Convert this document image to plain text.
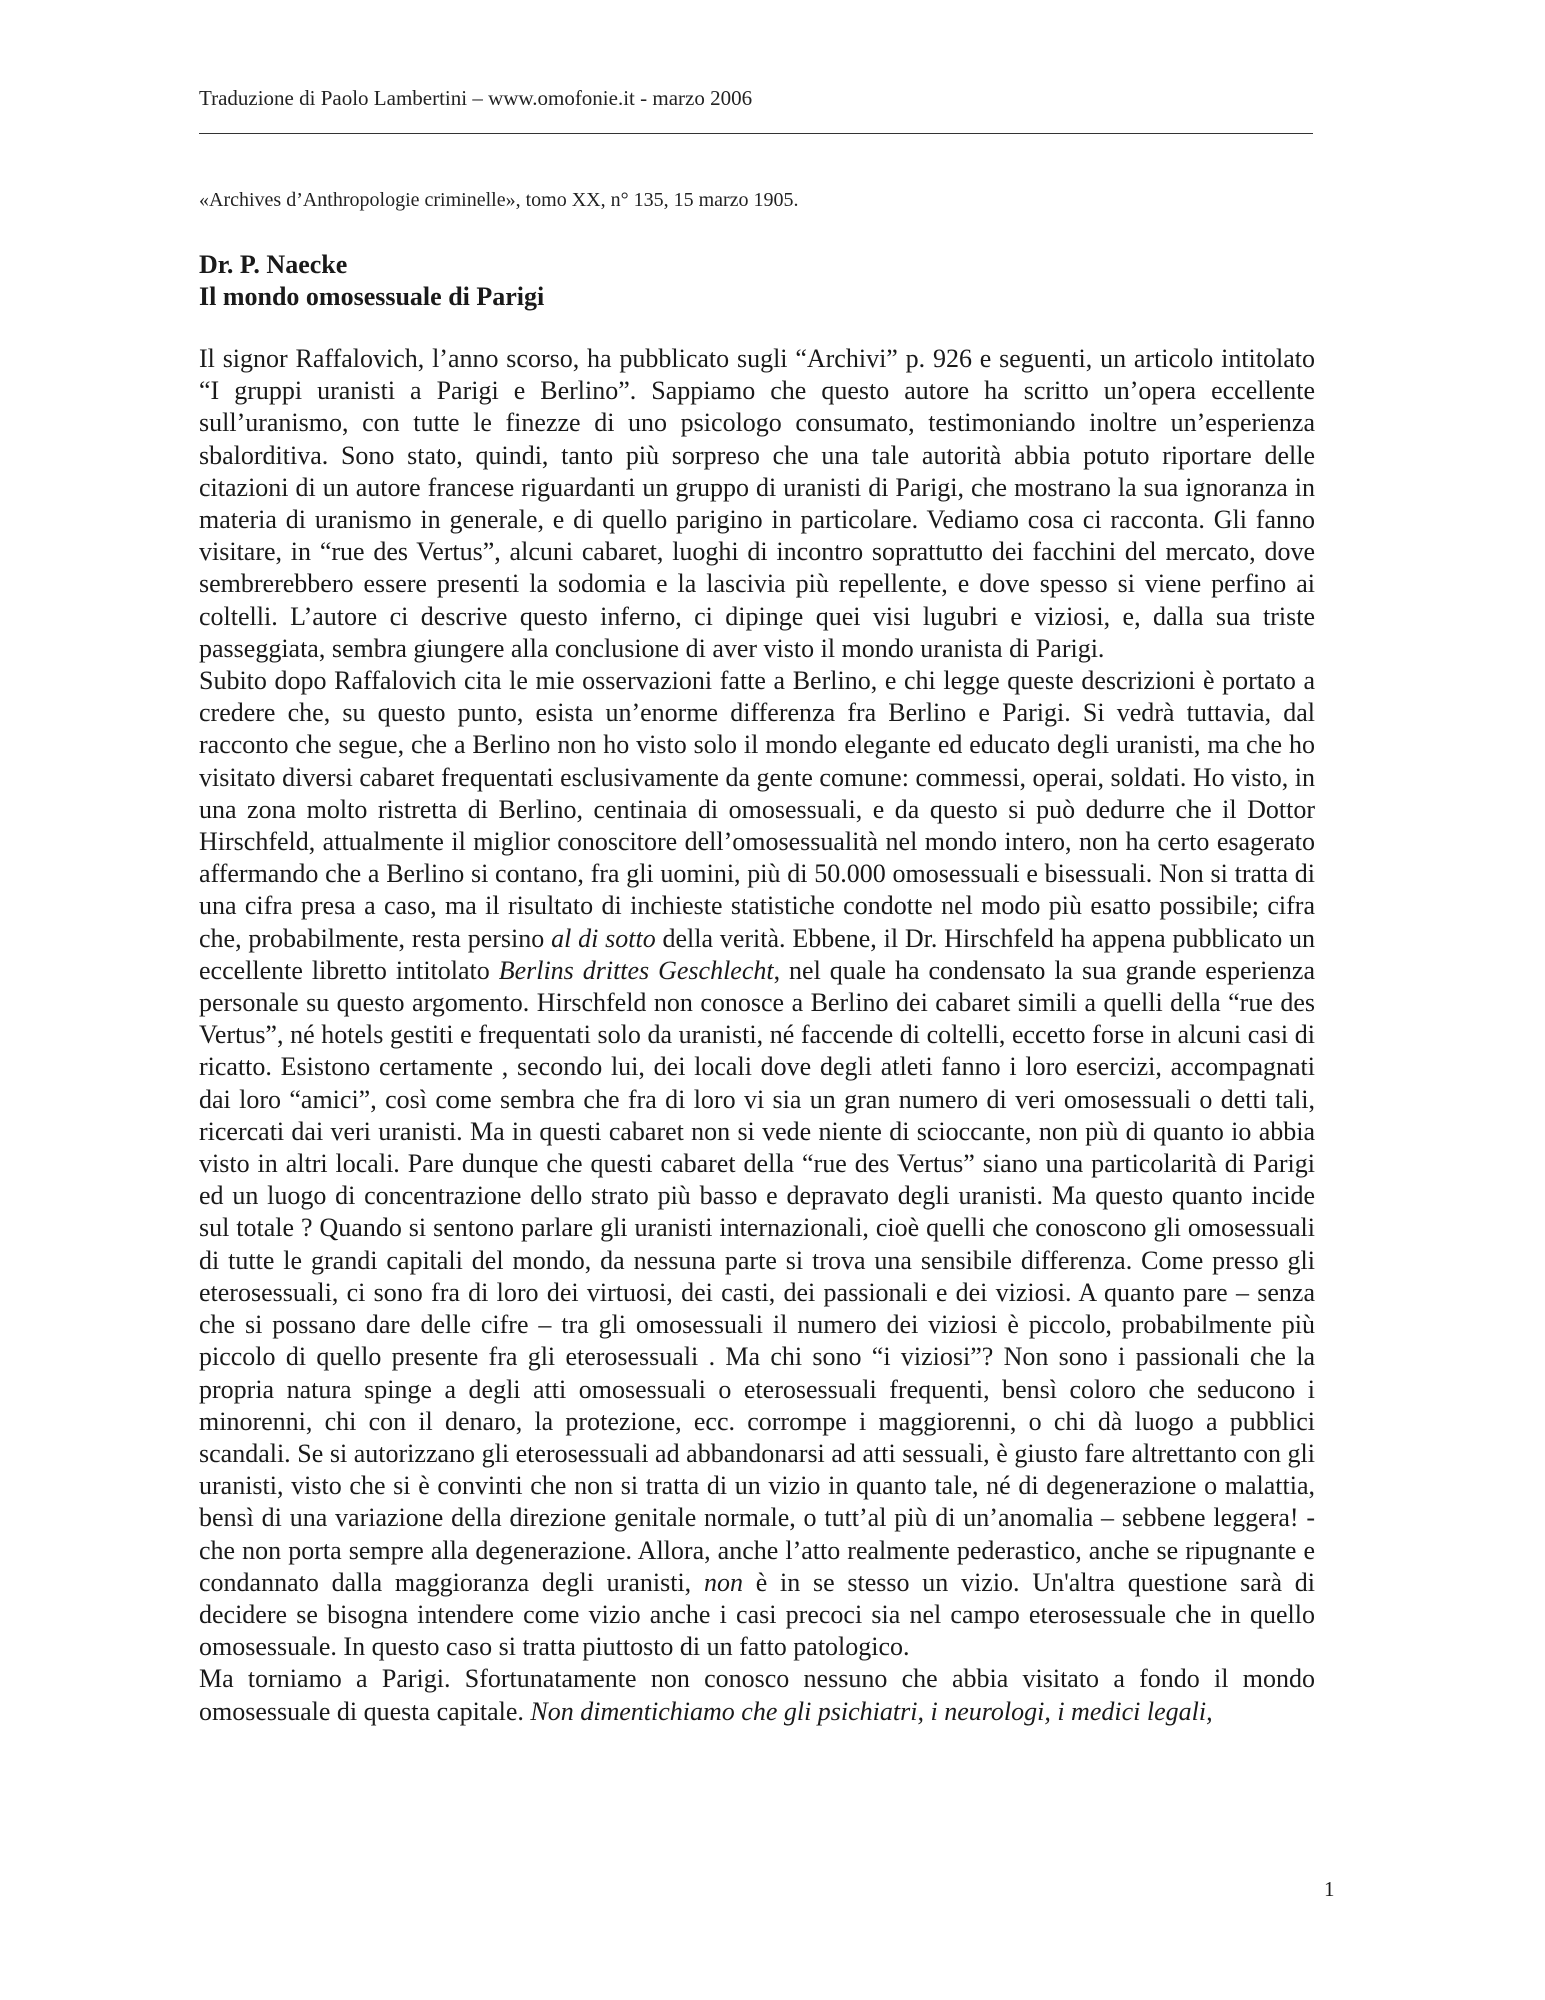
Traduzione di Paolo Lambertini – www.omofonie.it - marzo 2006
«Archives d’Anthropologie criminelle», tomo XX, n° 135, 15 marzo 1905.
Dr. P. Naecke
Il mondo omosessuale di Parigi

Il signor Raffalovich, l’anno scorso, ha pubblicato sugli “Archivi” p. 926 e seguenti, un articolo intitolato “I gruppi uranisti a Parigi e Berlino”. Sappiamo che questo autore ha scritto un’opera eccellente sull’uranismo, con tutte le finezze di uno psicologo consumato, testimoniando inoltre un’esperienza sbalorditiva. Sono stato, quindi, tanto più sorpreso che una tale autorità abbia potuto riportare delle citazioni di un autore francese riguardanti un gruppo di uranisti di Parigi, che mostrano la sua ignoranza in materia di uranismo in generale, e di quello parigino in particolare. Vediamo cosa ci racconta. Gli fanno visitare, in “rue des Vertus”, alcuni cabaret, luoghi di incontro soprattutto dei facchini del mercato, dove sembrerebbero essere presenti la sodomia e la lascivia più repellente, e dove spesso si viene perfino ai coltelli. L’autore ci descrive questo inferno, ci dipinge quei visi lugubri e viziosi, e, dalla sua triste passeggiata, sembra giungere alla conclusione di aver visto il mondo uranista di Parigi.

Subito dopo Raffalovich cita le mie osservazioni fatte a Berlino, e chi legge queste descrizioni è portato a credere che, su questo punto, esista un’enorme differenza fra Berlino e Parigi. Si vedrà tuttavia, dal racconto che segue, che a Berlino non ho visto solo il mondo elegante ed educato degli uranisti, ma che ho visitato diversi cabaret frequentati esclusivamente da gente comune: commessi, operai, soldati. Ho visto, in una zona molto ristretta di Berlino, centinaia di omosessuali, e da questo si può dedurre che il Dottor Hirschfeld, attualmente il miglior conoscitore dell’omosessualità nel mondo intero, non ha certo esagerato affermando che a Berlino si contano, fra gli uomini, più di 50.000 omosessuali e bisessuali. Non si tratta di una cifra presa a caso, ma il risultato di inchieste statistiche condotte nel modo più esatto possibile; cifra che, probabilmente, resta persino al di sotto della verità. Ebbene, il Dr. Hirschfeld ha appena pubblicato un eccellente libretto intitolato Berlins drittes Geschlecht, nel quale ha condensato la sua grande esperienza personale su questo argomento. Hirschfeld non conosce a Berlino dei cabaret simili a quelli della “rue des Vertus”, né hotels gestiti e frequentati solo da uranisti, né faccende di coltelli, eccetto forse in alcuni casi di ricatto. Esistono certamente , secondo lui, dei locali dove degli atleti fanno i loro esercizi, accompagnati dai loro “amici”, così come sembra che fra di loro vi sia un gran numero di veri omosessuali o detti tali, ricercati dai veri uranisti. Ma in questi cabaret non si vede niente di scioccante, non più di quanto io abbia visto in altri locali. Pare dunque che questi cabaret della “rue des Vertus” siano una particolarità di Parigi ed un luogo di concentrazione dello strato più basso e depravato degli uranisti. Ma questo quanto incide sul totale ? Quando si sentono parlare gli uranisti internazionali, cioè quelli che conoscono gli omosessuali di tutte le grandi capitali del mondo, da nessuna parte si trova una sensibile differenza. Come presso gli eterosessuali, ci sono fra di loro dei virtuosi, dei casti, dei passionali e dei viziosi. A quanto pare – senza che si possano dare delle cifre – tra gli omosessuali il numero dei viziosi è piccolo, probabilmente più piccolo di quello presente fra gli eterosessuali . Ma chi sono “i viziosi”? Non sono i passionali che la propria natura spinge a degli atti omosessuali o eterosessuali frequenti, bensì coloro che seducono i minorenni, chi con il denaro, la protezione, ecc. corrompe i maggiorenni, o chi dà luogo a pubblici scandali. Se si autorizzano gli eterosessuali ad abbandonarsi ad atti sessuali, è giusto fare altrettanto con gli uranisti, visto che si è convinti che non si tratta di un vizio in quanto tale, né di degenerazione o malattia, bensì di una variazione della direzione genitale normale, o tutt’al più di un’anomalia – sebbene leggera! - che non porta sempre alla degenerazione. Allora, anche l’atto realmente pederastico, anche se ripugnante e condannato dalla maggioranza degli uranisti, non è in se stesso un vizio. Un'altra questione sarà di decidere se bisogna intendere come vizio anche i casi precoci sia nel campo eterosessuale che in quello omosessuale. In questo caso si tratta piuttosto di un fatto patologico.

Ma torniamo a Parigi. Sfortunatamente non conosco nessuno che abbia visitato a fondo il mondo omosessuale di questa capitale. Non dimentichiamo che gli psichiatri, i neurologi, i medici legali,

1
